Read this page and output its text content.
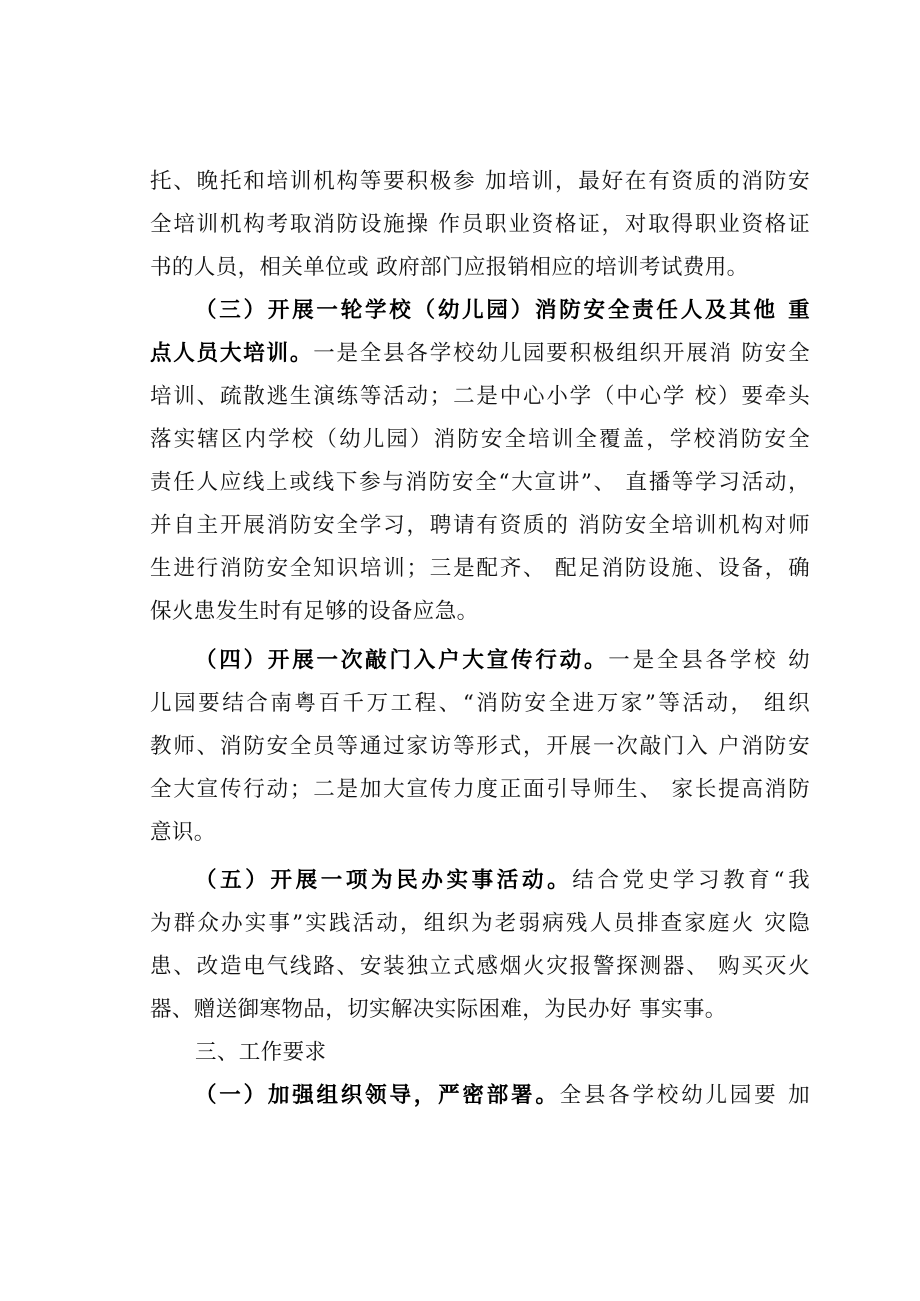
托、晚托和培训机构等要积极参 加培训，最好在有资质的消防安
全培训机构考取消防设施操 作员职业资格证，对取得职业资格证
书的人员，相关单位或 政府部门应报销相应的培训考试费用。
（三）开展一轮学校（幼儿园）消防安全责任人及其他 重
点人员大培训。一是全县各学校幼儿园要积极组织开展消 防安全
培训、疏散逃生演练等活动；二是中心小学（中心学 校）要牵头
落实辖区内学校（幼儿园）消防安全培训全覆盖，学校消防安全
责任人应线上或线下参与消防安全“大宣讲”、 直播等学习活动，
并自主开展消防安全学习，聘请有资质的 消防安全培训机构对师
生进行消防安全知识培训；三是配齐、 配足消防设施、设备，确
保火患发生时有足够的设备应急。
（四）开展一次敲门入户大宣传行动。一是全县各学校 幼
儿园要结合南粤百千万工程、“消防安全进万家”等活动， 组织
教师、消防安全员等通过家访等形式，开展一次敲门入 户消防安
全大宣传行动；二是加大宣传力度正面引导师生、 家长提高消防
意识。
（五）开展一项为民办实事活动。结合党史学习教育“我
为群众办实事”实践活动，组织为老弱病残人员排查家庭火 灾隐
患、改造电气线路、安装独立式感烟火灾报警探测器、 购买灭火
器、赠送御寒物品，切实解决实际困难，为民办好 事实事。
三、工作要求
（一）加强组织领导，严密部署。全县各学校幼儿园要 加
